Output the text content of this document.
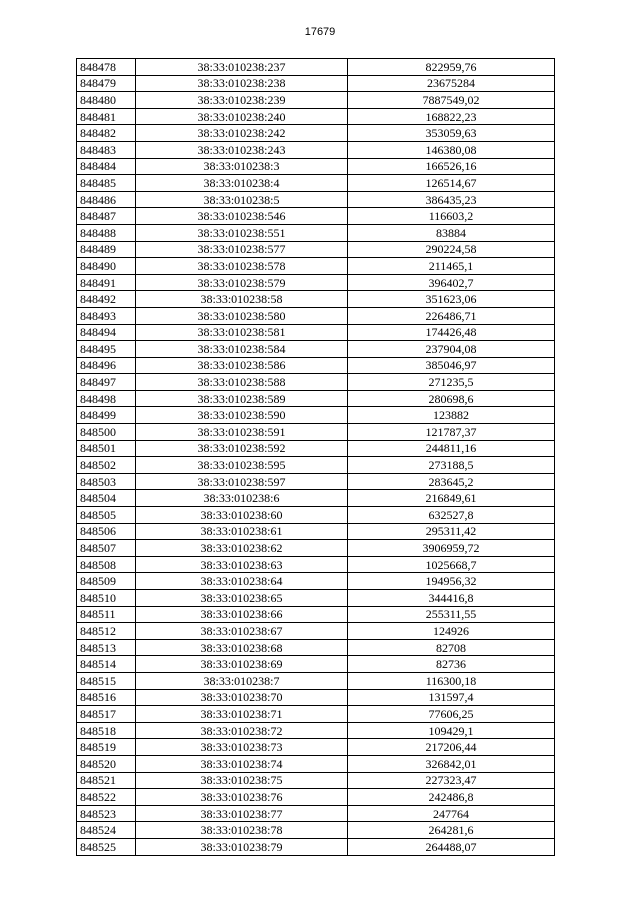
17679
848478	38:33:010238:237	822959,76
848479	38:33:010238:238	23675284
848480	38:33:010238:239	7887549,02
848481	38:33:010238:240	168822,23
848482	38:33:010238:242	353059,63
848483	38:33:010238:243	146380,08
848484	38:33:010238:3	166526,16
848485	38:33:010238:4	126514,67
848486	38:33:010238:5	386435,23
848487	38:33:010238:546	116603,2
848488	38:33:010238:551	83884
848489	38:33:010238:577	290224,58
848490	38:33:010238:578	211465,1
848491	38:33:010238:579	396402,7
848492	38:33:010238:58	351623,06
848493	38:33:010238:580	226486,71
848494	38:33:010238:581	174426,48
848495	38:33:010238:584	237904,08
848496	38:33:010238:586	385046,97
848497	38:33:010238:588	271235,5
848498	38:33:010238:589	280698,6
848499	38:33:010238:590	123882
848500	38:33:010238:591	121787,37
848501	38:33:010238:592	244811,16
848502	38:33:010238:595	273188,5
848503	38:33:010238:597	283645,2
848504	38:33:010238:6	216849,61
848505	38:33:010238:60	632527,8
848506	38:33:010238:61	295311,42
848507	38:33:010238:62	3906959,72
848508	38:33:010238:63	1025668,7
848509	38:33:010238:64	194956,32
848510	38:33:010238:65	344416,8
848511	38:33:010238:66	255311,55
848512	38:33:010238:67	124926
848513	38:33:010238:68	82708
848514	38:33:010238:69	82736
848515	38:33:010238:7	116300,18
848516	38:33:010238:70	131597,4
848517	38:33:010238:71	77606,25
848518	38:33:010238:72	109429,1
848519	38:33:010238:73	217206,44
848520	38:33:010238:74	326842,01
848521	38:33:010238:75	227323,47
848522	38:33:010238:76	242486,8
848523	38:33:010238:77	247764
848524	38:33:010238:78	264281,6
848525	38:33:010238:79	264488,07
